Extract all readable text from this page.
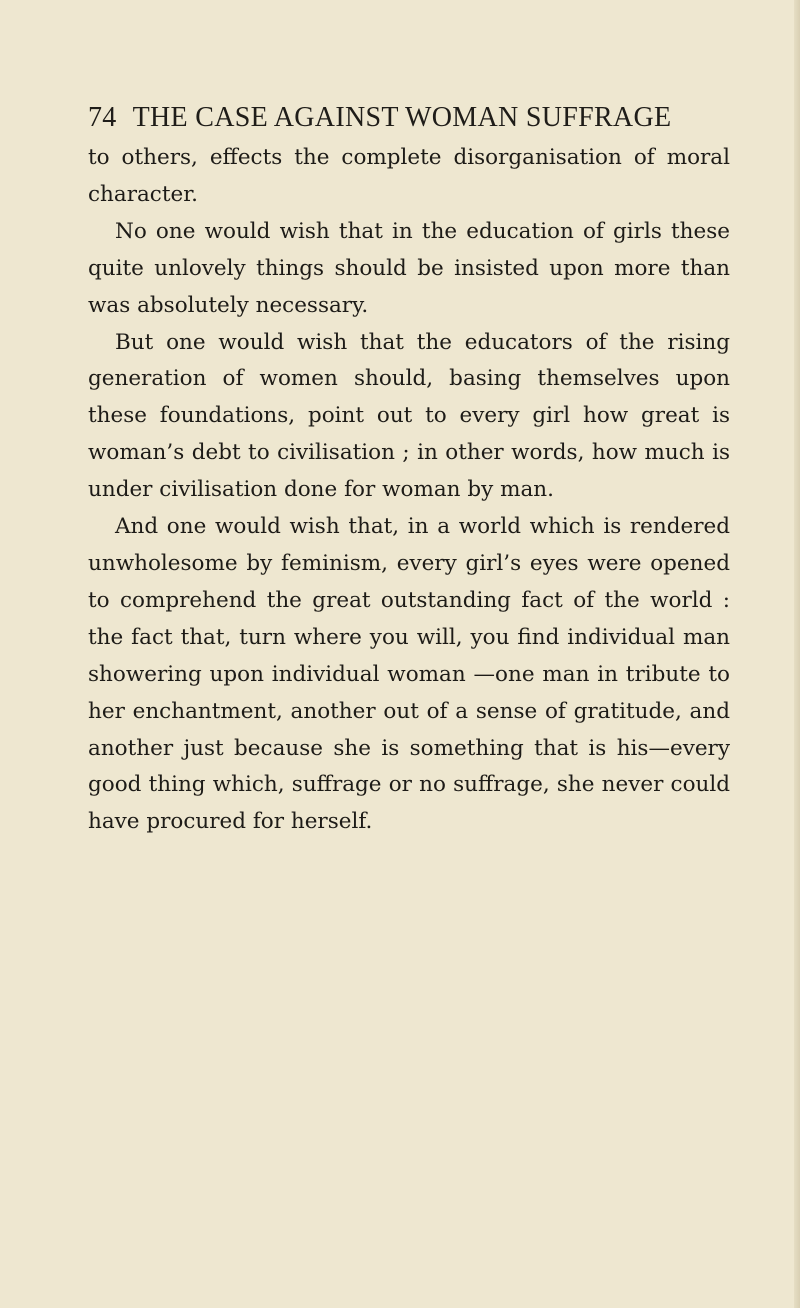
74 THE CASE AGAINST WOMAN SUFFRAGE

to others, effects the complete disorganisation of moral character.

No one would wish that in the education of girls these quite unlovely things should be insisted upon more than was absolutely necessary.

But one would wish that the educators of the rising generation of women should, basing themselves upon these foundations, point out to every girl how great is woman’s debt to civilisation ; in other words, how much is under civilisation done for woman by man.

And one would wish that, in a world which is rendered unwholesome by feminism, every girl’s eyes were opened to comprehend the great outstanding fact of the world : the fact that, turn where you will, you find individual man showering upon individual woman —one man in tribute to her enchantment, another out of a sense of gratitude, and another just because she is something that is his—every good thing which, suffrage or no suffrage, she never could have procured for herself.
